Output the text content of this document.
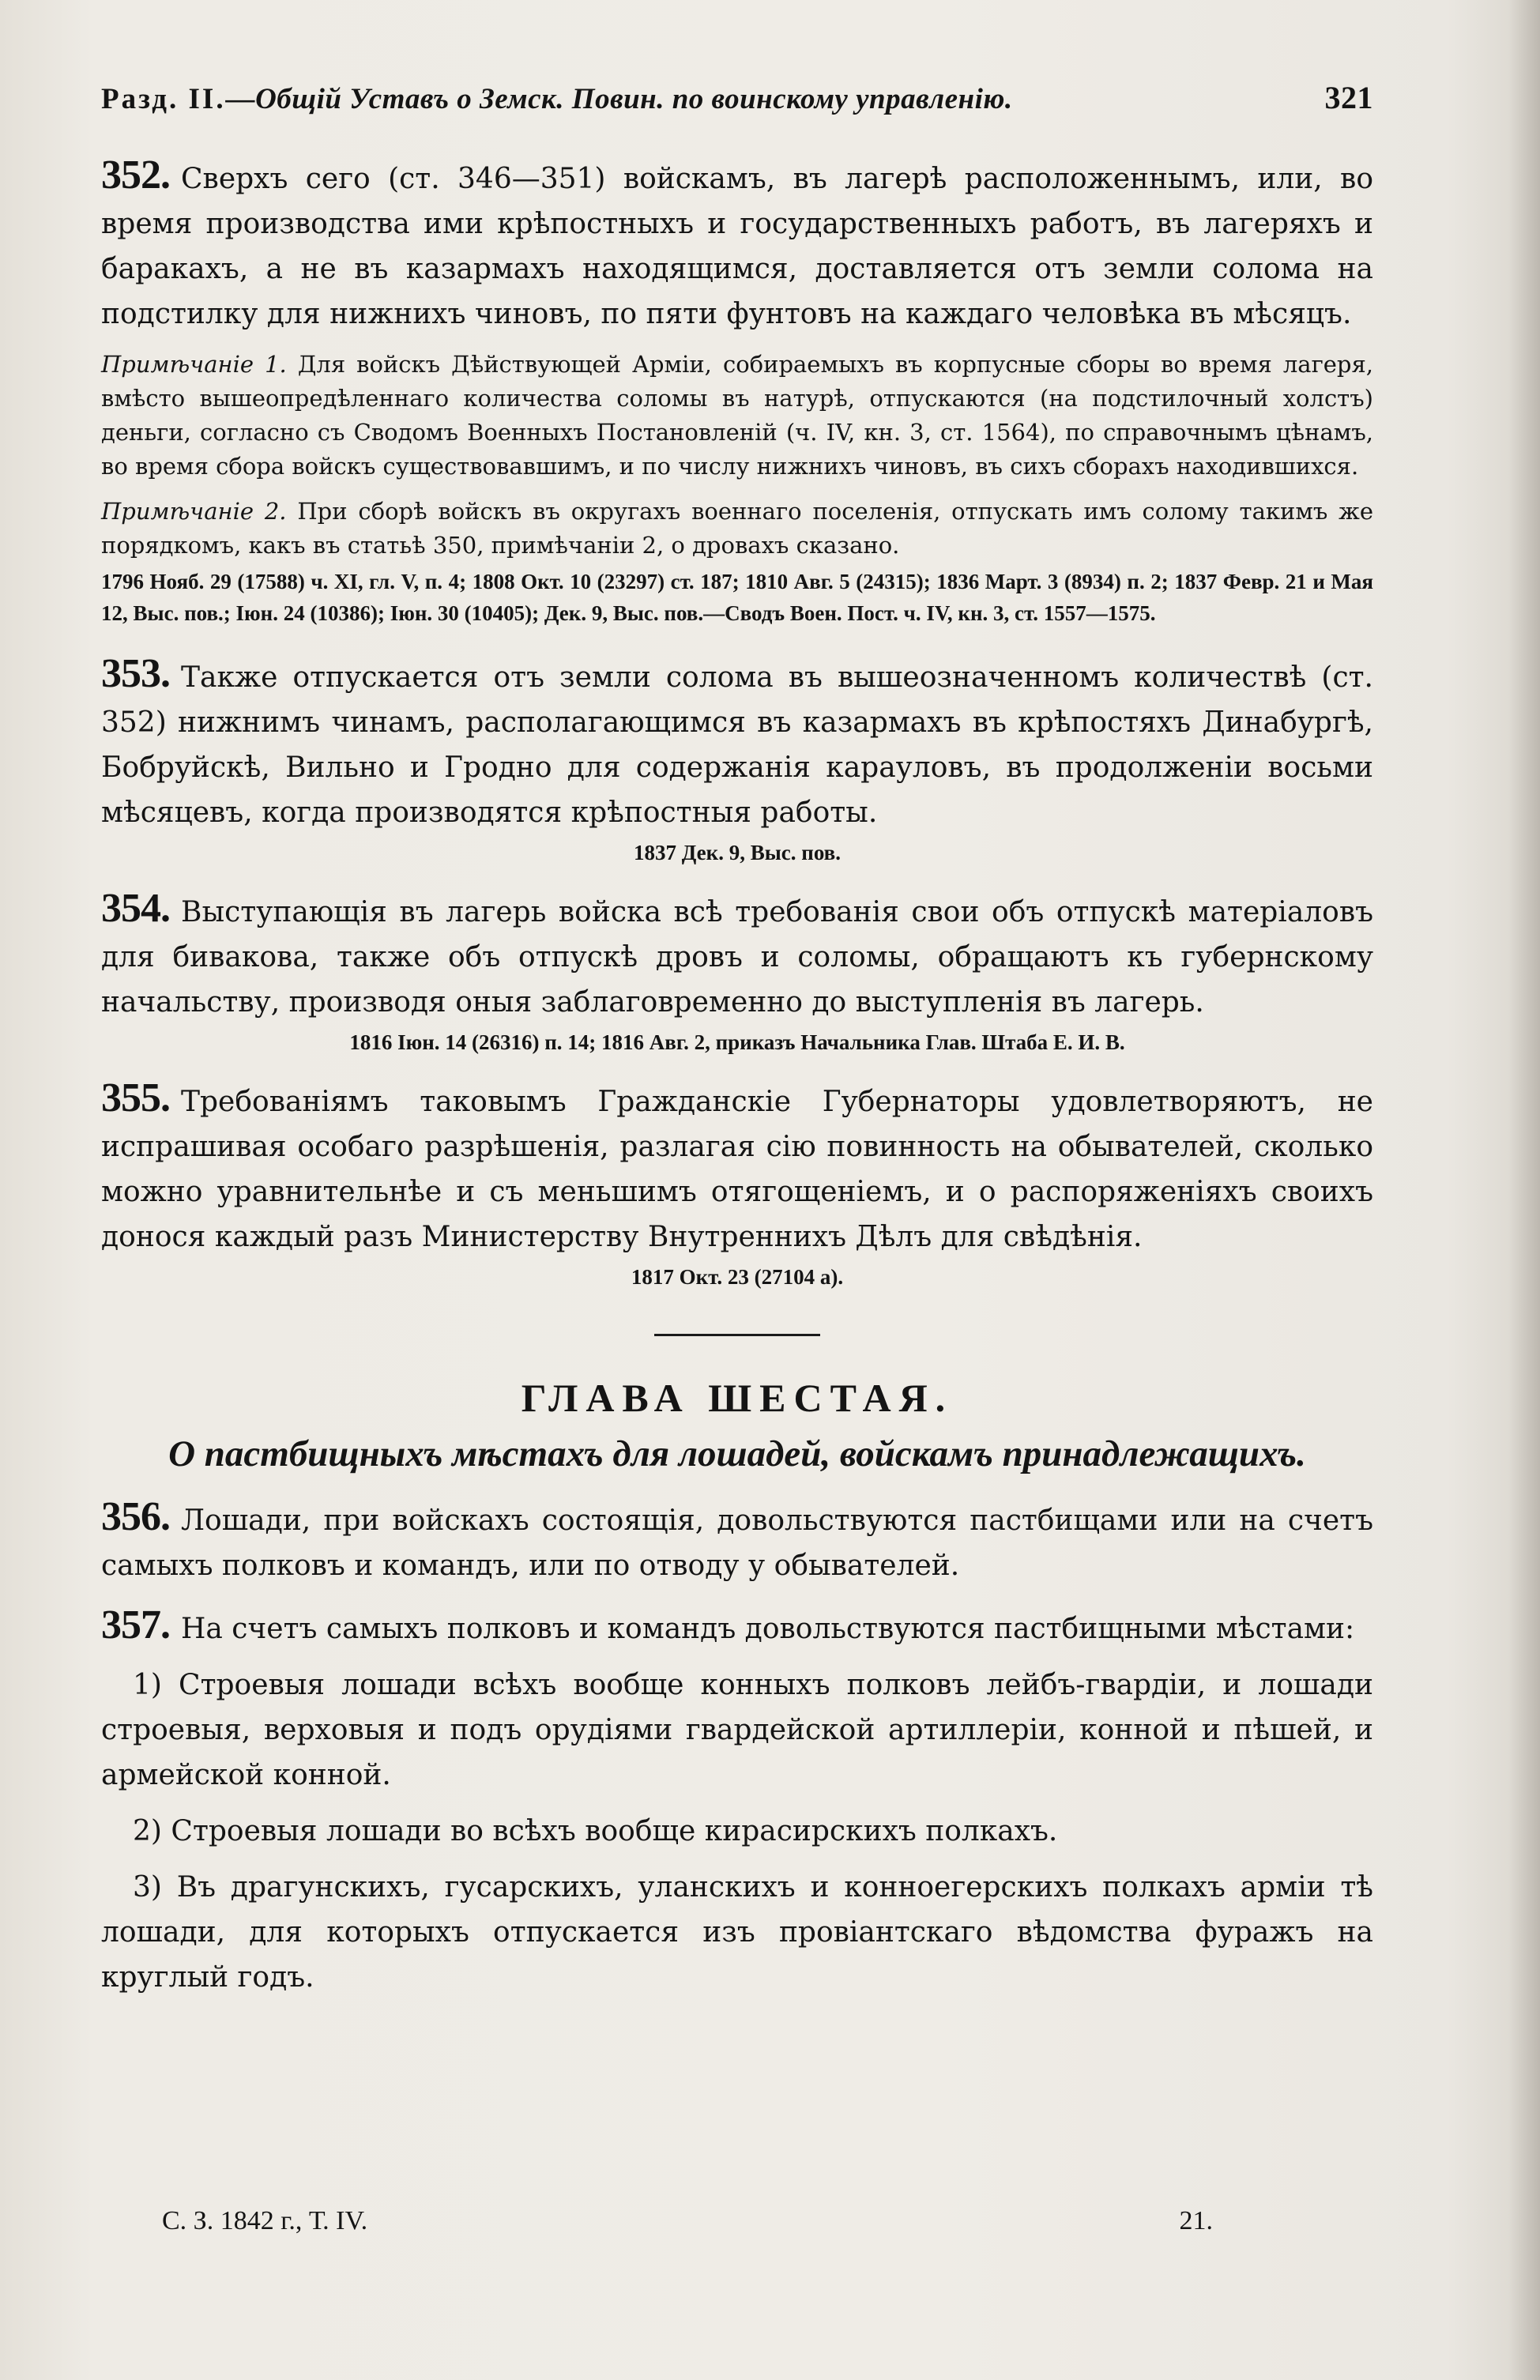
Разд. II.—Общій Уставъ о Земск. Повин. по воинскому управленію.	321

352. Сверхъ сего (ст. 346—351) войскамъ, въ лагерѣ расположеннымъ, или, во время производства ими крѣпостныхъ и государственныхъ работъ, въ лагеряхъ и баракахъ, а не въ казармахъ находящимся, доставляется отъ земли солома на подстилку для нижнихъ чиновъ, по пяти фунтовъ на каждаго человѣка въ мѣсяцъ.

Примѣчаніе 1. Для войскъ Дѣйствующей Арміи, собираемыхъ въ корпусные сборы во время лагеря, вмѣсто вышеопредѣленнаго количества соломы въ натурѣ, отпускаются (на подстилочный холстъ) деньги, согласно съ Сводомъ Военныхъ Постановленій (ч. IV, кн. 3, ст. 1564), по справочнымъ цѣнамъ, во время сбора войскъ существовавшимъ, и по числу нижнихъ чиновъ, въ сихъ сборахъ находившихся.

Примѣчаніе 2. При сборѣ войскъ въ округахъ военнаго поселенія, отпускать имъ солому такимъ же порядкомъ, какъ въ статьѣ 350, примѣчаніи 2, о дровахъ сказано.

1796 Нояб. 29 (17588) ч. XI, гл. V, п. 4; 1808 Окт. 10 (23297) ст. 187; 1810 Авг. 5 (24315); 1836 Март. 3 (8934) п. 2; 1837 Февр. 21 и Мая 12, Выс. пов.; Іюн. 24 (10386); Іюн. 30 (10405); Дек. 9, Выс. пов.—Сводъ Воен. Пост. ч. IV, кн. 3, ст. 1557—1575.

353. Также отпускается отъ земли солома въ вышеозначенномъ количествѣ (ст. 352) нижнимъ чинамъ, располагающимся въ казармахъ въ крѣпостяхъ Динабургѣ, Бобруйскѣ, Вильно и Гродно для содержанія карауловъ, въ продолженіи восьми мѣсяцевъ, когда производятся крѣпостныя работы.

1837 Дек. 9, Выс. пов.

354. Выступающія въ лагерь войска всѣ требованія свои объ отпускѣ матеріаловъ для бивакова, также объ отпускѣ дровъ и соломы, обращаютъ къ губернскому начальству, производя оныя заблаговременно до выступленія въ лагерь.

1816 Іюн. 14 (26316) п. 14; 1816 Авг. 2, приказъ Начальника Глав. Штаба Е. И. В.

355. Требованіямъ таковымъ Гражданскіе Губернаторы удовлетворяютъ, не испрашивая особаго разрѣшенія, разлагая сію повинность на обывателей, сколько можно уравнительнѣе и съ меньшимъ отягощеніемъ, и о распоряженіяхъ своихъ донося каждый разъ Министерству Внутреннихъ Дѣлъ для свѣдѣнія.

1817 Окт. 23 (27104 а).

ГЛАВА ШЕСТАЯ.
О пастбищныхъ мѣстахъ для лошадей, войскамъ принадлежащихъ.

356. Лошади, при войскахъ состоящія, довольствуются пастбищами или на счетъ самыхъ полковъ и командъ, или по отводу у обывателей.

357. На счетъ самыхъ полковъ и командъ довольствуются пастбищными мѣстами:

1) Строевыя лошади всѣхъ вообще конныхъ полковъ лейбъ-гвардіи, и лошади строевыя, верховыя и подъ орудіями гвардейской артиллеріи, конной и пѣшей, и армейской конной.

2) Строевыя лошади во всѣхъ вообще кирасирскихъ полкахъ.

3) Въ драгунскихъ, гусарскихъ, уланскихъ и конноегерскихъ полкахъ арміи тѣ лошади, для которыхъ отпускается изъ провіантскаго вѣдомства фуражъ на круглый годъ.

С. З. 1842 г., Т. IV.	21.
